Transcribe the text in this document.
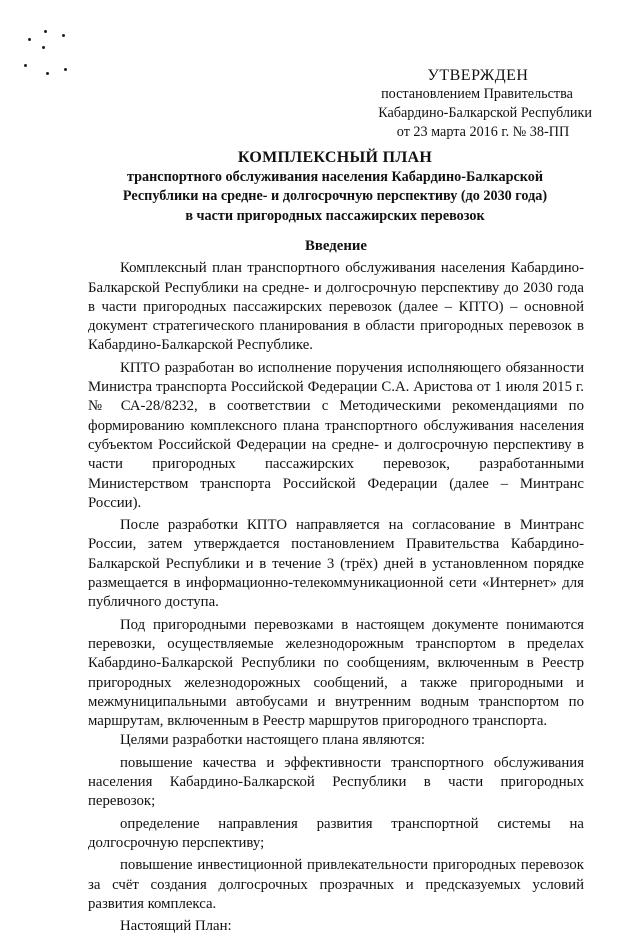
УТВЕРЖДЕН
постановлением Правительства
Кабардино-Балкарской Республики
от 23 марта 2016 г. № 38-ПП
КОМПЛЕКСНЫЙ ПЛАН
транспортного обслуживания населения Кабардино-Балкарской
Республики на средне- и долгосрочную перспективу (до 2030 года)
в части пригородных пассажирских перевозок
Введение

Комплексный план транспортного обслуживания населения Кабардино-Балкарской Республики на средне- и долгосрочную перспективу до 2030 года в части пригородных пассажирских перевозок (далее – КПТО) – основной документ стратегического планирования в области пригородных перевозок в Кабардино-Балкарской Республике.

КПТО разработан во исполнение поручения исполняющего обязанности Министра транспорта Российской Федерации С.А. Аристова от 1 июля 2015 г. № СА-28/8232, в соответствии с Методическими рекомендациями по формированию комплексного плана транспортного обслуживания населения субъектом Российской Федерации на средне- и долгосрочную перспективу в части пригородных пассажирских перевозок, разработанными Министерством транспорта Российской Федерации (далее – Минтранс России).

После разработки КПТО направляется на согласование в Минтранс России, затем утверждается постановлением Правительства Кабардино-Балкарской Республики и в течение 3 (трёх) дней в установленном порядке размещается в информационно-телекоммуникационной сети «Интернет» для публичного доступа.

Под пригородными перевозками в настоящем документе понимаются перевозки, осуществляемые железнодорожным транспортом в пределах Кабардино-Балкарской Республики по сообщениям, включенным в Реестр пригородных железнодорожных сообщений, а также пригородными и межмуниципальными автобусами и внутренним водным транспортом по маршрутам, включенным в Реестр маршрутов пригородного транспорта.

Целями разработки настоящего плана являются:

повышение качества и эффективности транспортного обслуживания населения Кабардино-Балкарской Республики в части пригородных перевозок;

определение направления развития транспортной системы на долгосрочную перспективу;

повышение инвестиционной привлекательности пригородных перевозок за счёт создания долгосрочных прозрачных и предсказуемых условий развития комплекса.

Настоящий План:
